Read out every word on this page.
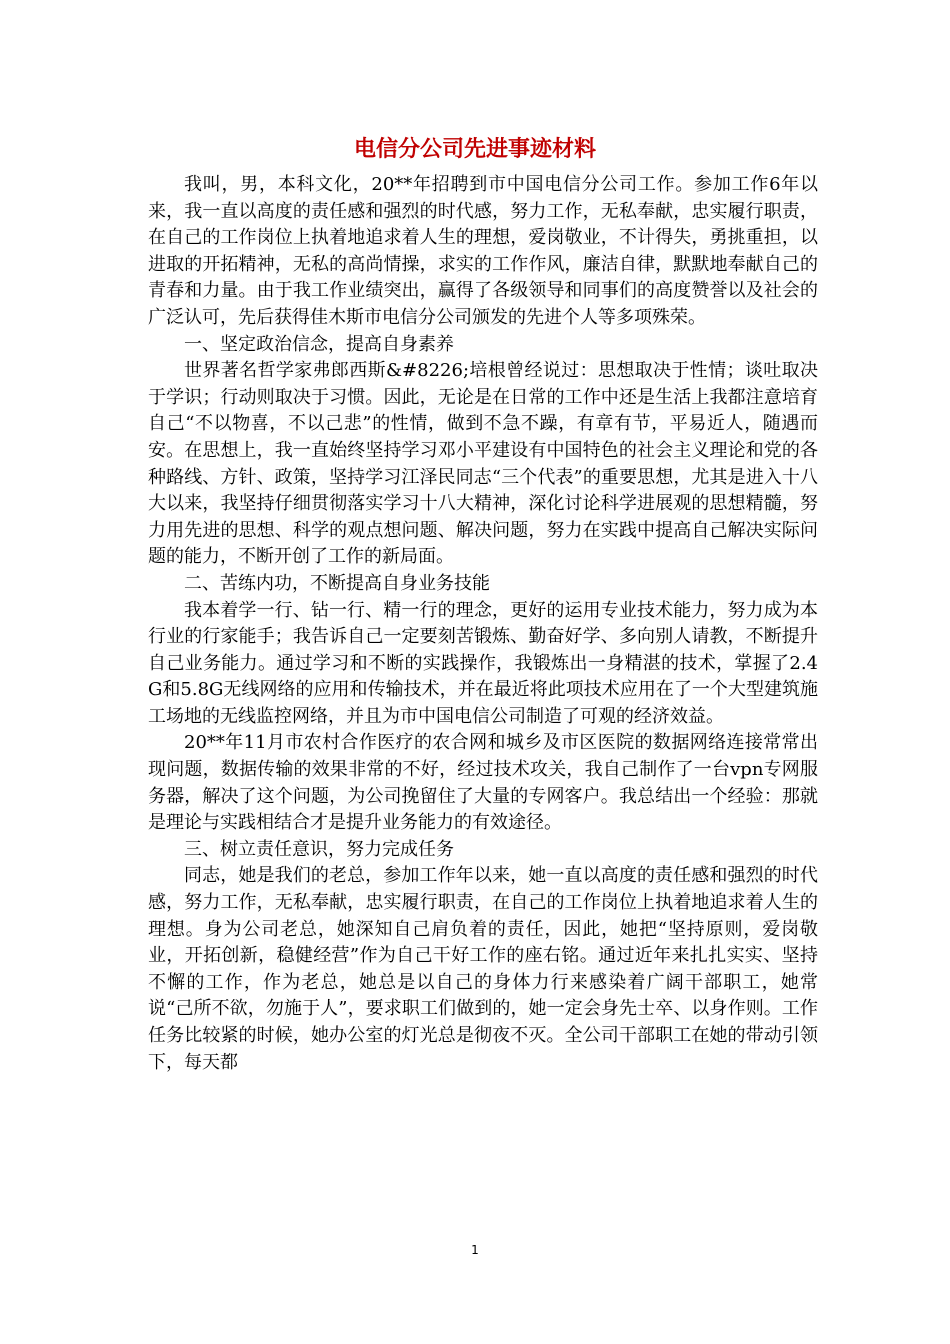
电信分公司先进事迹材料

我叫，男，本科文化，20**年招聘到市中国电信分公司工作。参加工作6年以来，我一直以高度的责任感和强烈的时代感，努力工作，无私奉献，忠实履行职责，在自己的工作岗位上执着地追求着人生的理想，爱岗敬业，不计得失，勇挑重担，以进取的开拓精神，无私的高尚情操，求实的工作作风，廉洁自律，默默地奉献自己的青春和力量。由于我工作业绩突出，赢得了各级领导和同事们的高度赞誉以及社会的广泛认可，先后获得佳木斯市电信分公司颁发的先进个人等多项殊荣。

一、坚定政治信念，提高自身素养

世界著名哲学家弗郎西斯&#8226;培根曾经说过：思想取决于性情；谈吐取决于学识；行动则取决于习惯。因此，无论是在日常的工作中还是生活上我都注意培育自己“不以物喜，不以己悲”的性情，做到不急不躁，有章有节，平易近人，随遇而安。在思想上，我一直始终坚持学习邓小平建设有中国特色的社会主义理论和党的各种路线、方针、政策，坚持学习江泽民同志“三个代表”的重要思想，尤其是进入十八大以来，我坚持仔细贯彻落实学习十八大精神，深化讨论科学进展观的思想精髓，努力用先进的思想、科学的观点想问题、解决问题，努力在实践中提高自己解决实际问题的能力，不断开创了工作的新局面。

二、苦练内功，不断提高自身业务技能

我本着学一行、钻一行、精一行的理念，更好的运用专业技术能力，努力成为本行业的行家能手；我告诉自己一定要刻苦锻炼、勤奋好学、多向别人请教，不断提升自己业务能力。通过学习和不断的实践操作，我锻炼出一身精湛的技术，掌握了2.4G和5.8G无线网络的应用和传输技术，并在最近将此项技术应用在了一个大型建筑施工场地的无线监控网络，并且为市中国电信公司制造了可观的经济效益。

20**年11月市农村合作医疗的农合网和城乡及市区医院的数据网络连接常常出现问题，数据传输的效果非常的不好，经过技术攻关，我自己制作了一台vpn专网服务器，解决了这个问题，为公司挽留住了大量的专网客户。我总结出一个经验：那就是理论与实践相结合才是提升业务能力的有效途径。

三、树立责任意识，努力完成任务

同志，她是我们的老总，参加工作年以来，她一直以高度的责任感和强烈的时代感，努力工作，无私奉献，忠实履行职责，在自己的工作岗位上执着地追求着人生的理想。身为公司老总，她深知自己肩负着的责任，因此，她把“坚持原则，爱岗敬业，开拓创新，稳健经营”作为自己干好工作的座右铭。通过近年来扎扎实实、坚持不懈的工作，作为老总，她总是以自己的身体力行来感染着广阔干部职工，她常说“己所不欲，勿施于人”，要求职工们做到的，她一定会身先士卒、以身作则。工作任务比较紧的时候，她办公室的灯光总是彻夜不灭。全公司干部职工在她的带动引领下，每天都

1
